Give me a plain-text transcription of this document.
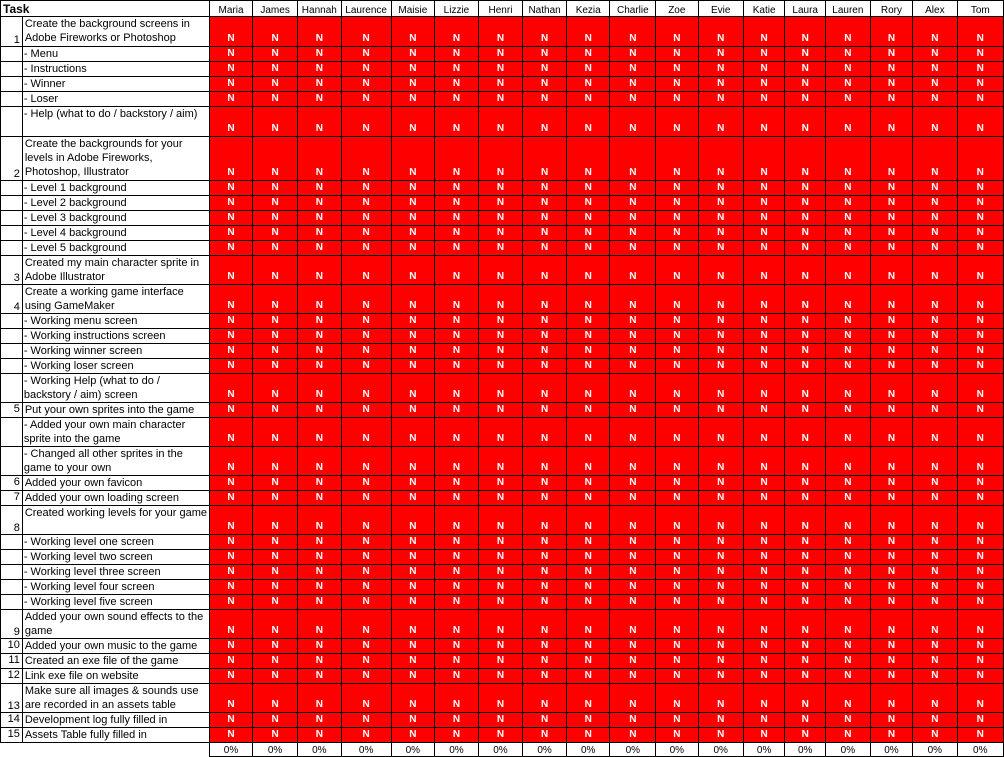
Task		Maria	James	Hannah	Laurence	Maisie	Lizzie	Henri	Nathan	Kezia	Charlie	Zoe	Evie	Katie	Laura	Lauren	Rory	Alex	Tom
1	Create the background screens in Adobe Fireworks or Photoshop	N	N	N	N	N	N	N	N	N	N	N	N	N	N	N	N	N	N
	- Menu	N	N	N	N	N	N	N	N	N	N	N	N	N	N	N	N	N	N
	- Instructions	N	N	N	N	N	N	N	N	N	N	N	N	N	N	N	N	N	N
	- Winner	N	N	N	N	N	N	N	N	N	N	N	N	N	N	N	N	N	N
	- Loser	N	N	N	N	N	N	N	N	N	N	N	N	N	N	N	N	N	N
	- Help (what to do / backstory / aim)	N	N	N	N	N	N	N	N	N	N	N	N	N	N	N	N	N	N
2	Create the backgrounds for your levels in Adobe Fireworks, Photoshop, Illustrator	N	N	N	N	N	N	N	N	N	N	N	N	N	N	N	N	N	N
	- Level 1 background	N	N	N	N	N	N	N	N	N	N	N	N	N	N	N	N	N	N
	- Level 2 background	N	N	N	N	N	N	N	N	N	N	N	N	N	N	N	N	N	N
	- Level 3 background	N	N	N	N	N	N	N	N	N	N	N	N	N	N	N	N	N	N
	- Level 4 background	N	N	N	N	N	N	N	N	N	N	N	N	N	N	N	N	N	N
	- Level 5 background	N	N	N	N	N	N	N	N	N	N	N	N	N	N	N	N	N	N
3	Created my main character sprite in Adobe Illustrator	N	N	N	N	N	N	N	N	N	N	N	N	N	N	N	N	N	N
4	Create a working game interface using GameMaker	N	N	N	N	N	N	N	N	N	N	N	N	N	N	N	N	N	N
	- Working menu screen	N	N	N	N	N	N	N	N	N	N	N	N	N	N	N	N	N	N
	- Working instructions screen	N	N	N	N	N	N	N	N	N	N	N	N	N	N	N	N	N	N
	- Working winner screen	N	N	N	N	N	N	N	N	N	N	N	N	N	N	N	N	N	N
	- Working loser screen	N	N	N	N	N	N	N	N	N	N	N	N	N	N	N	N	N	N
	- Working Help (what to do / backstory / aim) screen	N	N	N	N	N	N	N	N	N	N	N	N	N	N	N	N	N	N
5	Put your own sprites into the game	N	N	N	N	N	N	N	N	N	N	N	N	N	N	N	N	N	N
	- Added your own main character sprite into the game	N	N	N	N	N	N	N	N	N	N	N	N	N	N	N	N	N	N
	- Changed all other sprites in the game to your own	N	N	N	N	N	N	N	N	N	N	N	N	N	N	N	N	N	N
6	Added your own favicon	N	N	N	N	N	N	N	N	N	N	N	N	N	N	N	N	N	N
7	Added your own loading screen	N	N	N	N	N	N	N	N	N	N	N	N	N	N	N	N	N	N
8	Created working levels for your game	N	N	N	N	N	N	N	N	N	N	N	N	N	N	N	N	N	N
	- Working level one screen	N	N	N	N	N	N	N	N	N	N	N	N	N	N	N	N	N	N
	- Working level two screen	N	N	N	N	N	N	N	N	N	N	N	N	N	N	N	N	N	N
	- Working level three screen	N	N	N	N	N	N	N	N	N	N	N	N	N	N	N	N	N	N
	- Working level four screen	N	N	N	N	N	N	N	N	N	N	N	N	N	N	N	N	N	N
	- Working level five screen	N	N	N	N	N	N	N	N	N	N	N	N	N	N	N	N	N	N
9	Added your own sound effects to the game	N	N	N	N	N	N	N	N	N	N	N	N	N	N	N	N	N	N
10	Added your own music to the game	N	N	N	N	N	N	N	N	N	N	N	N	N	N	N	N	N	N
11	Created an exe file of the game	N	N	N	N	N	N	N	N	N	N	N	N	N	N	N	N	N	N
12	Link exe file on website	N	N	N	N	N	N	N	N	N	N	N	N	N	N	N	N	N	N
13	Make sure all images & sounds use are recorded in an assets table	N	N	N	N	N	N	N	N	N	N	N	N	N	N	N	N	N	N
14	Development log fully filled in	N	N	N	N	N	N	N	N	N	N	N	N	N	N	N	N	N	N
15	Assets Table fully filled in	N	N	N	N	N	N	N	N	N	N	N	N	N	N	N	N	N	N
		0%	0%	0%	0%	0%	0%	0%	0%	0%	0%	0%	0%	0%	0%	0%	0%	0%	0%
